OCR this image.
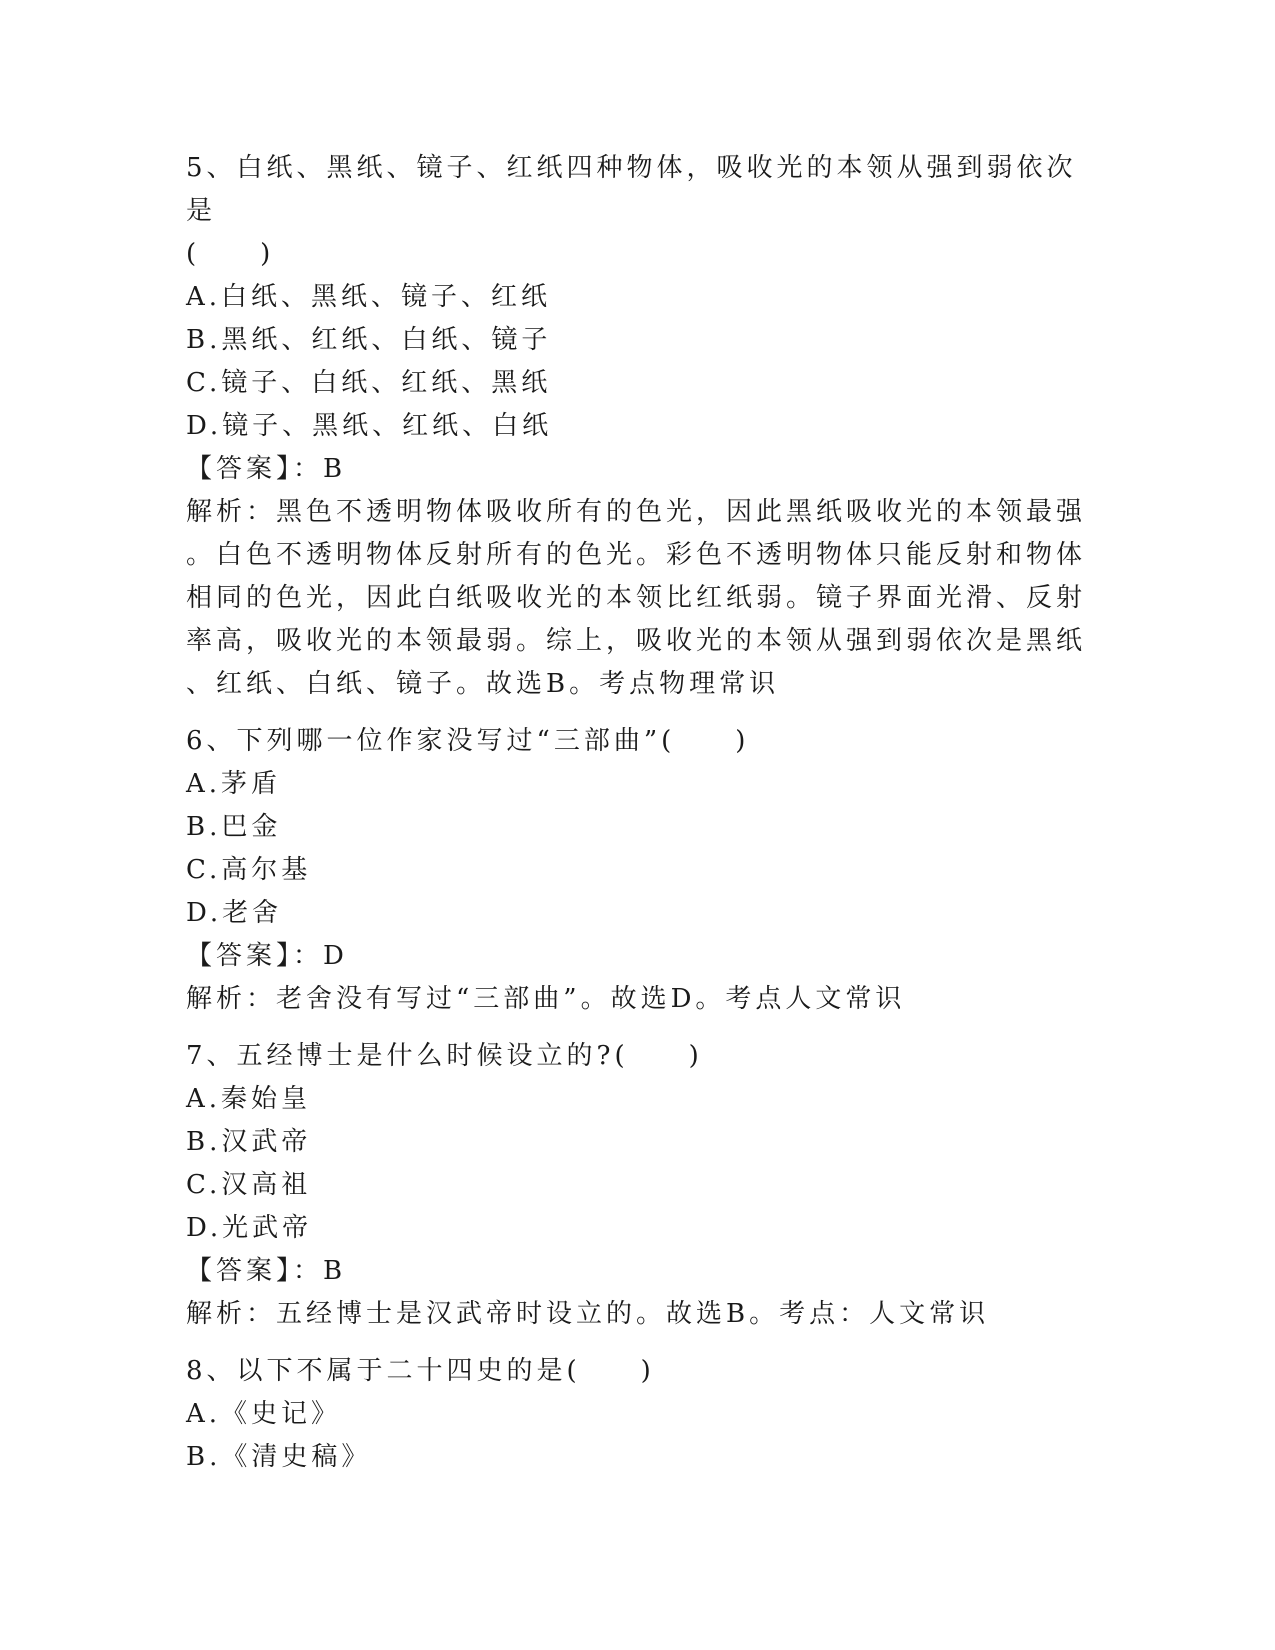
5、白纸、黑纸、镜子、红纸四种物体，吸收光的本领从强到弱依次是
(　　)
A.白纸、黑纸、镜子、红纸
B.黑纸、红纸、白纸、镜子
C.镜子、白纸、红纸、黑纸
D.镜子、黑纸、红纸、白纸
【答案】：B
解析：黑色不透明物体吸收所有的色光，因此黑纸吸收光的本领最强
。白色不透明物体反射所有的色光。彩色不透明物体只能反射和物体
相同的色光，因此白纸吸收光的本领比红纸弱。镜子界面光滑、反射
率高，吸收光的本领最弱。综上，吸收光的本领从强到弱依次是黑纸
、红纸、白纸、镜子。故选B。考点物理常识
6、下列哪一位作家没写过“三部曲”(　　)
A.茅盾
B.巴金
C.高尔基
D.老舍
【答案】：D
解析：老舍没有写过“三部曲”。故选D。考点人文常识
7、五经博士是什么时候设立的?(　　)
A.秦始皇
B.汉武帝
C.汉高祖
D.光武帝
【答案】：B
解析：五经博士是汉武帝时设立的。故选B。考点：人文常识
8、以下不属于二十四史的是(　　)
A.《史记》
B.《清史稿》
